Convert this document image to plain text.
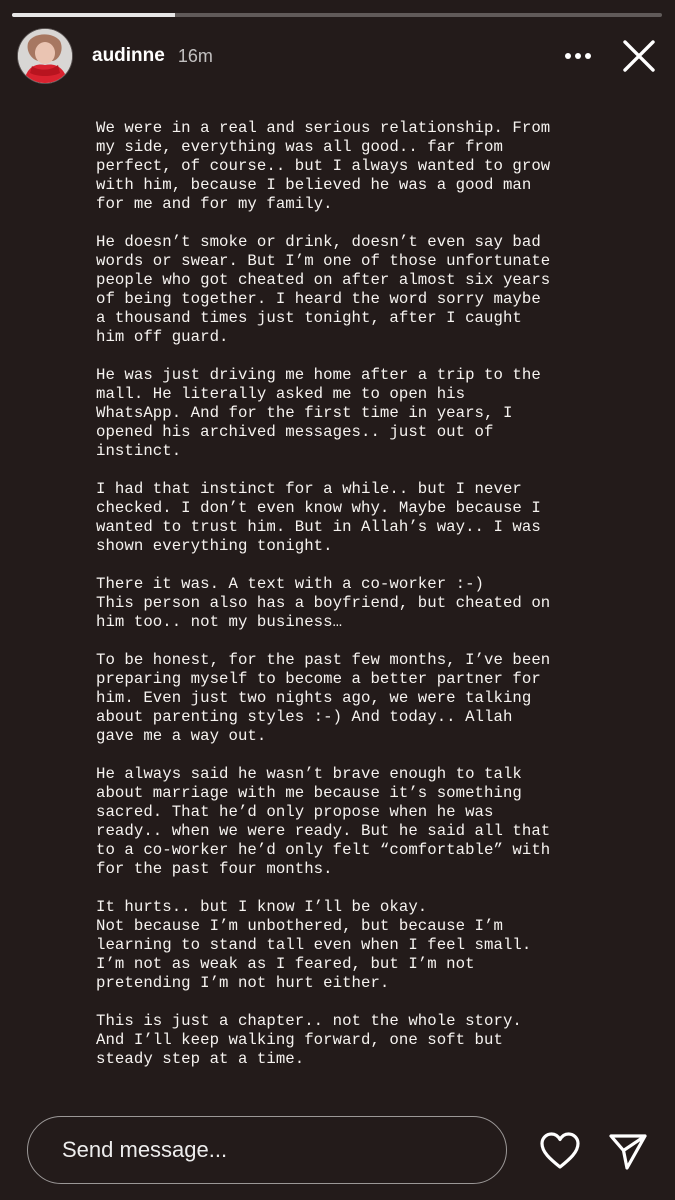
audinne 16m
We were in a real and serious relationship. From
my side, everything was all good.. far from
perfect, of course.. but I always wanted to grow
with him, because I believed he was a good man
for me and for my family.

He doesn’t smoke or drink, doesn’t even say bad
words or swear. But I’m one of those unfortunate
people who got cheated on after almost six years
of being together. I heard the word sorry maybe
a thousand times just tonight, after I caught
him off guard.

He was just driving me home after a trip to the
mall. He literally asked me to open his
WhatsApp. And for the first time in years, I
opened his archived messages.. just out of
instinct.

I had that instinct for a while.. but I never
checked. I don’t even know why. Maybe because I
wanted to trust him. But in Allah’s way.. I was
shown everything tonight.

There it was. A text with a co-worker :-)
This person also has a boyfriend, but cheated on
him too.. not my business…

To be honest, for the past few months, I’ve been
preparing myself to become a better partner for
him. Even just two nights ago, we were talking
about parenting styles :-) And today.. Allah
gave me a way out.

He always said he wasn’t brave enough to talk
about marriage with me because it’s something
sacred. That he’d only propose when he was
ready.. when we were ready. But he said all that
to a co-worker he’d only felt “comfortable” with
for the past four months.

It hurts.. but I know I’ll be okay.
Not because I’m unbothered, but because I’m
learning to stand tall even when I feel small.
I’m not as weak as I feared, but I’m not
pretending I’m not hurt either.

This is just a chapter.. not the whole story.
And I’ll keep walking forward, one soft but
steady step at a time.
Send message...
